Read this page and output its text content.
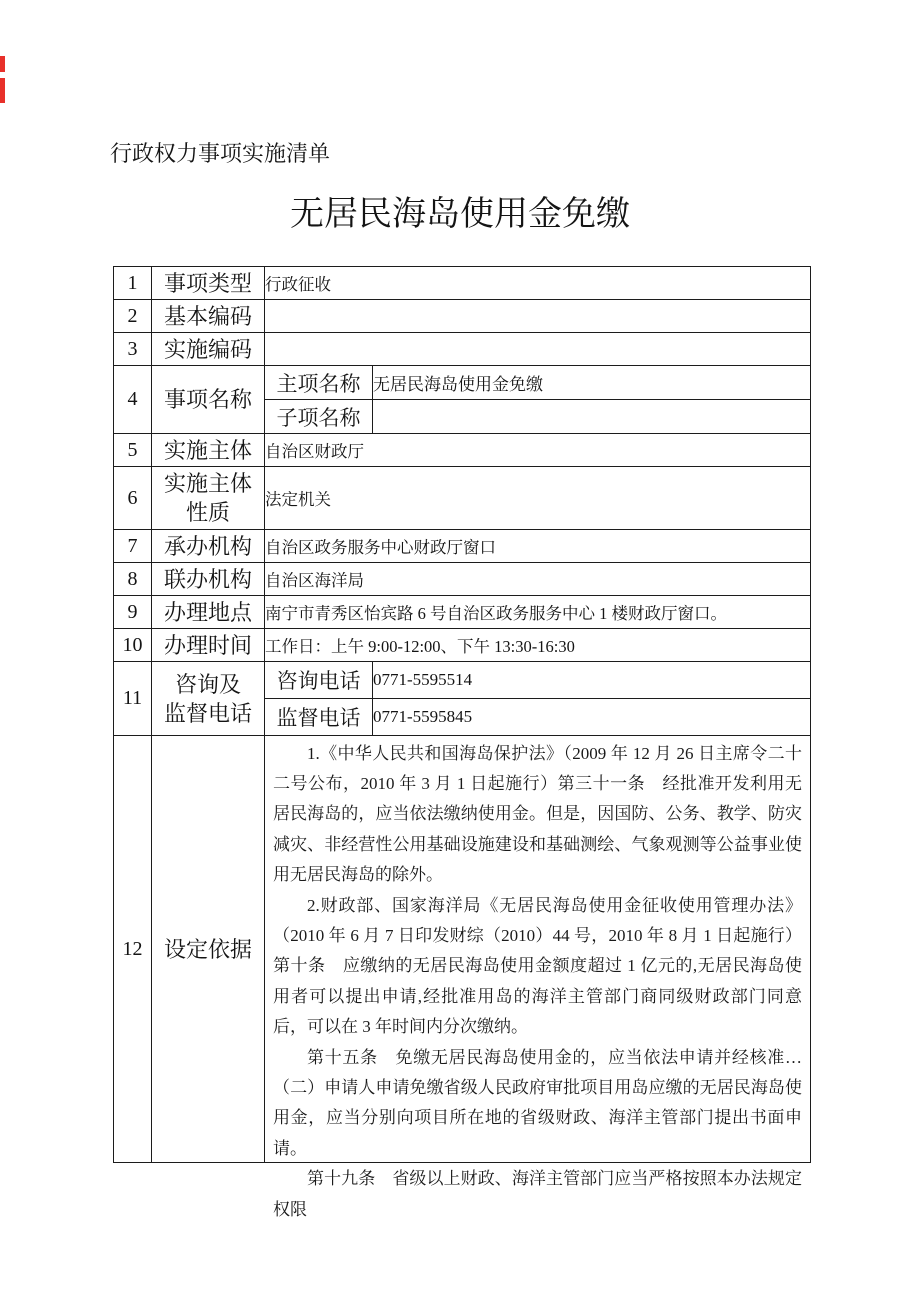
行政权力事项实施清单
无居民海岛使用金免缴
1	事项类型	行政征收	
2	基本编码		
3	实施编码		
4	事项名称	主项名称	无居民海岛使用金免缴
		子项名称	
5	实施主体	自治区财政厅	
6	实施主体
性质	法定机关	
7	承办机构	自治区政务服务中心财政厅窗口	
8	联办机构	自治区海洋局	
9	办理地点	南宁市青秀区怡宾路 6 号自治区政务服务中心 1 楼财政厅窗口。	
10	办理时间	工作日：上午 9:00-12:00、下午 13:30-16:30	
11	咨询及
监督电话	咨询电话	0771-5595514
		监督电话	0771-5595845
12	设定依据	1.《中华人民共和国海岛保护法》（2009 年 12 月 26 日主席令二十二号公布，2010 年 3 月 1 日起施行）第三十一条　经批准开发利用无居民海岛的，应当依法缴纳使用金。但是，因国防、公务、教学、防灾减灾、非经营性公用基础设施建设和基础测绘、气象观测等公益事业使用无居民海岛的除外。

2.财政部、国家海洋局《无居民海岛使用金征收使用管理办法》（2010 年 6 月 7 日印发财综（2010）44 号，2010 年 8 月 1 日起施行）第十条　应缴纳的无居民海岛使用金额度超过 1 亿元的,无居民海岛使用者可以提出申请,经批准用岛的海洋主管部门商同级财政部门同意后，可以在 3 年时间内分次缴纳。

第十五条　免缴无居民海岛使用金的，应当依法申请并经核准…（二）申请人申请免缴省级人民政府审批项目用岛应缴的无居民海岛使用金，应当分别向项目所在地的省级财政、海洋主管部门提出书面申请。

第十九条　省级以上财政、海洋主管部门应当严格按照本办法规定权限	
